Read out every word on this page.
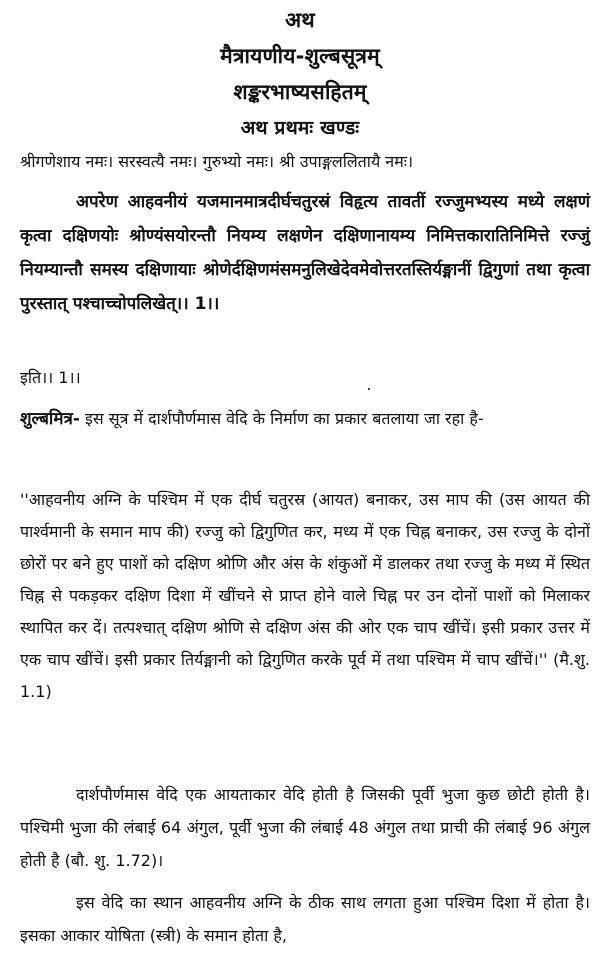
अथ
मैत्रायणीय-शुल्बसूत्रम्
शङ्करभाष्यसहितम्
अथ प्रथमः खण्डः
श्रीगणेशाय नमः। सरस्वत्यै नमः। गुरुभ्यो नमः। श्री उपाङ्गललितायै नमः।
अपरेण आहवनीयं यजमानमात्रदीर्घचतुरस्रं विहृत्य तावतीं रज्जुमभ्यस्य मध्ये लक्षणं कृत्वा दक्षिणयोः श्रोण्यंसयोरन्तौ नियम्य लक्षणेन दक्षिणानायम्य निमित्तकारातिनिमित्ते रज्जुं नियम्यान्तौ समस्य दक्षिणायाः श्रोणेर्दक्षिणमंसमनुलिखेदेवमेवोत्तरतस्तिर्यङ्मानीं द्विगुणां तथा कृत्वा पुरस्तात् पश्चाच्चोपलिखेत्।। 1।।
इति।। 1।।
शुल्बमित्र- इस सूत्र में दार्शपौर्णमास वेदि के निर्माण का प्रकार बतलाया जा रहा है-
''आहवनीय अग्नि के पश्चिम में एक दीर्घ चतुरस्र (आयत) बनाकर, उस माप की (उस आयत की पार्श्वमानी के समान माप की) रज्जु को द्विगुणित कर, मध्य में एक चिह्न बनाकर, उस रज्जु के दोनों छोरों पर बने हुए पाशों को दक्षिण श्रोणि और अंस के शंकुओं में डालकर तथा रज्जु के मध्य में स्थित चिह्न से पकड़कर दक्षिण दिशा में खींचने से प्राप्त होने वाले चिह्न पर उन दोनों पाशों को मिलाकर स्थापित कर दें। तत्पश्चात् दक्षिण श्रोणि से दक्षिण अंस की ओर एक चाप खींचें। इसी प्रकार उत्तर में एक चाप खींचें। इसी प्रकार तिर्यङ्मानी को द्विगुणित करके पूर्व में तथा पश्चिम में चाप खींचें।'' (मै.शु. 1.1)
दार्शपौर्णमास वेदि एक आयताकार वेदि होती है जिसकी पूर्वी भुजा कुछ छोटी होती है। पश्चिमी भुजा की लंबाई 64 अंगुल, पूर्वी भुजा की लंबाई 48 अंगुल तथा प्राची की लंबाई 96 अंगुल होती है (बौ. शु. 1.72)।
इस वेदि का स्थान आहवनीय अग्नि के ठीक साथ लगता हुआ पश्चिम दिशा में होता है। इसका आकार योषिता (स्त्री) के समान होता है,
